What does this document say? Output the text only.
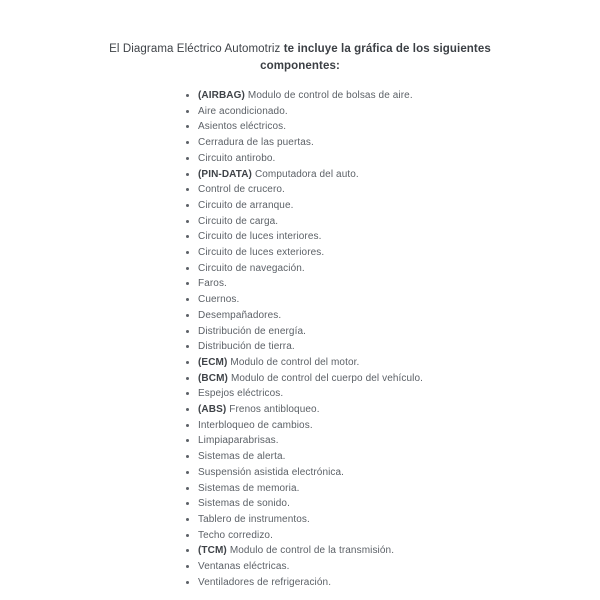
El Diagrama Eléctrico Automotriz te incluye la gráfica de los siguientes componentes:
• (AIRBAG) Modulo de control de bolsas de aire.
• Aire acondicionado.
• Asientos eléctricos.
• Cerradura de las puertas.
• Circuito antirobo.
• (PIN-DATA) Computadora del auto.
• Control de crucero.
• Circuito de arranque.
• Circuito de carga.
• Circuito de luces interiores.
• Circuito de luces exteriores.
• Circuito de navegación.
• Faros.
• Cuernos.
• Desempañadores.
• Distribución de energía.
• Distribución de tierra.
• (ECM) Modulo de control del motor.
• (BCM) Modulo de control del cuerpo del vehículo.
• Espejos eléctricos.
• (ABS) Frenos antibloqueo.
• Interbloqueo de cambios.
• Limpiaparabrisas.
• Sistemas de alerta.
• Suspensión asistida electrónica.
• Sistemas de memoria.
• Sistemas de sonido.
• Tablero de instrumentos.
• Techo corredizo.
• (TCM) Modulo de control de la transmisión.
• Ventanas eléctricas.
• Ventiladores de refrigeración.
